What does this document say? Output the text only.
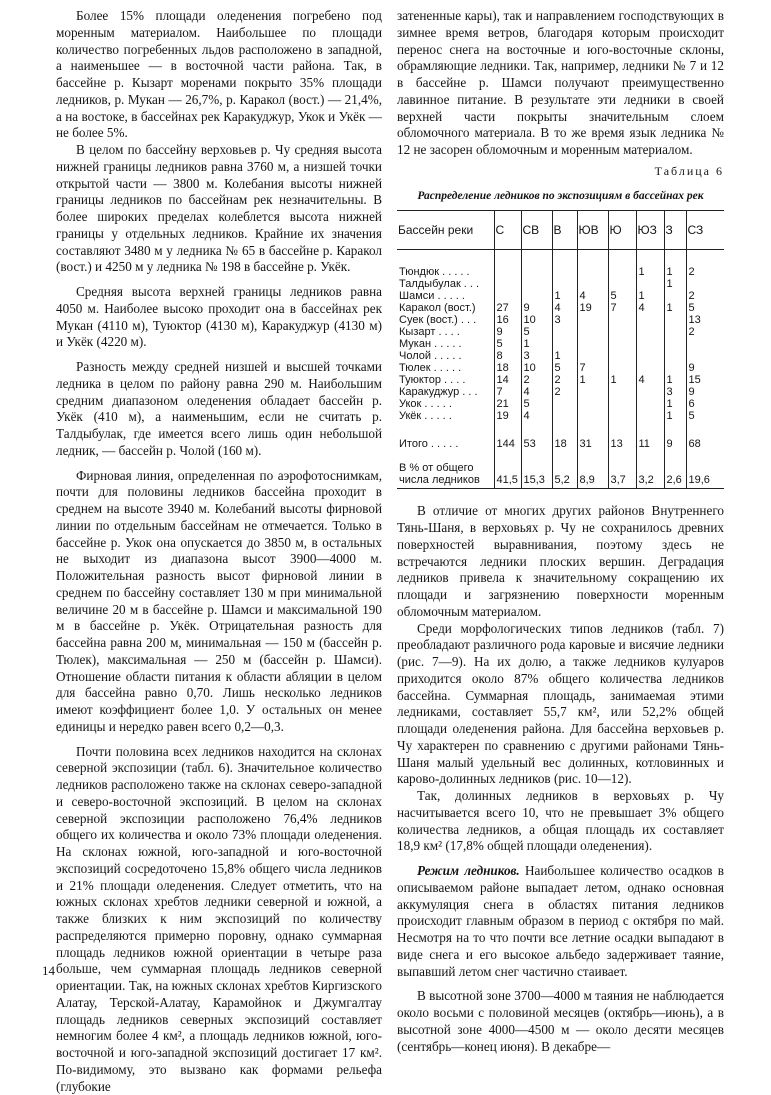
Более 15% площади оледенения погребено под моренным материалом. Наибольшее по площади количество погребенных льдов расположено в западной, а наименьшее — в восточной части района. Так, в бассейне р. Кызарт моренами покрыто 35% площади ледников, р. Мукан — 26,7%, р. Каракол (вост.) — 21,4%, а на востоке, в бассейнах рек Каракуджур, Укок и Укёк — не более 5%.

В целом по бассейну верховьев р. Чу средняя высота нижней границы ледников равна 3760 м, а низшей точки открытой части — 3800 м. Колебания высоты нижней границы ледников по бассейнам рек незначительны. В более широких пределах колеблется высота нижней границы у отдельных ледников. Крайние их значения составляют 3480 м у ледника № 65 в бассейне р. Каракол (вост.) и 4250 м у ледника № 198 в бассейне р. Укёк.

Средняя высота верхней границы ледников равна 4050 м. Наиболее высоко проходит она в бассейнах рек Мукан (4110 м), Туюктор (4130 м), Каракуджур (4130 м) и Укёк (4220 м).

Разность между средней низшей и высшей точками ледника в целом по району равна 290 м. Наибольшим средним диапазоном оледенения обладает бассейн р. Укёк (410 м), а наименьшим, если не считать р. Талдыбулак, где имеется всего лишь один небольшой ледник, — бассейн р. Чолой (160 м).

Фирновая линия, определенная по аэрофотоснимкам, почти для половины ледников бассейна проходит в среднем на высоте 3940 м. Колебаний высоты фирновой линии по отдельным бассейнам не отмечается. Только в бассейне р. Укок она опускается до 3850 м, в остальных не выходит из диапазона высот 3900—4000 м. Положительная разность высот фирновой линии в среднем по бассейну составляет 130 м при минимальной величине 20 м в бассейне р. Шамси и максимальной 190 м в бассейне р. Укёк. Отрицательная разность для бассейна равна 200 м, минимальная — 150 м (бассейн р. Тюлек), максимальная — 250 м (бассейн р. Шамси). Отношение области питания к области абляции в целом для бассейна равно 0,70. Лишь несколько ледников имеют коэффициент более 1,0. У остальных он менее единицы и нередко равен всего 0,2—0,3.

Почти половина всех ледников находится на склонах северной экспозиции (табл. 6). Значительное количество ледников расположено также на склонах северо-западной и северо-восточной экспозиций. В целом на склонах северной экспозиции расположено 76,4% ледников общего их количества и около 73% площади оледенения. На склонах южной, юго-западной и юго-восточной экспозиций сосредоточено 15,8% общего числа ледников и 21% площади оледенения. Следует отметить, что на южных склонах хребтов ледники северной и южной, а также близких к ним экспозиций по количеству распределяются примерно поровну, однако суммарная площадь ледников южной ориентации в четыре раза больше, чем суммарная площадь ледников северной ориентации. Так, на южных склонах хребтов Киргизского Алатау, Терской-Алатау, Карамойнок и Джумгалтау площадь ледников северных экспозиций составляет немногим более 4 км², а площадь ледников южной, юго-восточной и юго-западной экспозиций достигает 17 км². По-видимому, это вызвано как формами рельефа (глубокие

затененные кары), так и направлением господствующих в зимнее время ветров, благодаря которым происходит перенос снега на восточные и юго-восточные склоны, обрамляющие ледники. Так, например, ледники № 7 и 12 в бассейне р. Шамси получают преимущественно лавинное питание. В результате эти ледники в своей верхней части покрыты значительным слоем обломочного материала. В то же время язык ледника № 12 не засорен обломочным и моренным материалом.

Таблица 6
Распределение ледников по экспозициям в бассейнах рек
Бассейн реки	С	СВ	В	ЮВ	Ю	ЮЗ	З	СЗ
Тюндюк . . . . .						1	1	2
Талдыбулак . . .							1	
Шамси . . . . .			1	4	5	1		2
Каракол (вост.)	27	9	4	19	7	4	1	5
Суек (вост.) . . .	16	10	3					13
Кызарт . . . .	9	5						2
Мукан . . . . .	5	1						
Чолой . . . . .	8	3	1					
Тюлек . . . . .	18	10	5	7				9
Туюктор . . . .	14	2	2	1	1	4	1	15
Каракуджур . . .	7	4	2				3	9
Укок . . . . .	21	5					1	6
Укёк . . . . .	19	4					1	5
Итого . . . . .	144	53	18	31	13	11	9	68
В % от общего
числа ледников	41,5	15,3	5,2	8,9	3,7	3,2	2,6	19,6

В отличие от многих других районов Внутреннего Тянь-Шаня, в верховьях р. Чу не сохранилось древних поверхностей выравнивания, поэтому здесь не встречаются ледники плоских вершин. Деградация ледников привела к значительному сокращению их площади и загрязнению поверхности моренным обломочным материалом.

Среди морфологических типов ледников (табл. 7) преобладают различного рода каровые и висячие ледники (рис. 7—9). На их долю, а также ледников кулуаров приходится около 87% общего количества ледников бассейна. Суммарная площадь, занимаемая этими ледниками, составляет 55,7 км², или 52,2% общей площади оледенения района. Для бассейна верховьев р. Чу характерен по сравнению с другими районами Тянь-Шаня малый удельный вес долинных, котловинных и карово-долинных ледников (рис. 10—12).

Так, долинных ледников в верховьях р. Чу насчитывается всего 10, что не превышает 3% общего количества ледников, а общая площадь их составляет 18,9 км² (17,8% общей площади оледенения).

Режим ледников. Наибольшее количество осадков в описываемом районе выпадает летом, однако основная аккумуляция снега в областях питания ледников происходит главным образом в период с октября по май. Несмотря на то что почти все летние осадки выпадают в виде снега и его высокое альбедо задерживает таяние, выпавший летом снег частично стаивает.

В высотной зоне 3700—4000 м таяния не наблюдается около восьми с половиной месяцев (октябрь—июнь), а в высотной зоне 4000—4500 м — около десяти месяцев (сентябрь—конец июня). В декабре—

14
